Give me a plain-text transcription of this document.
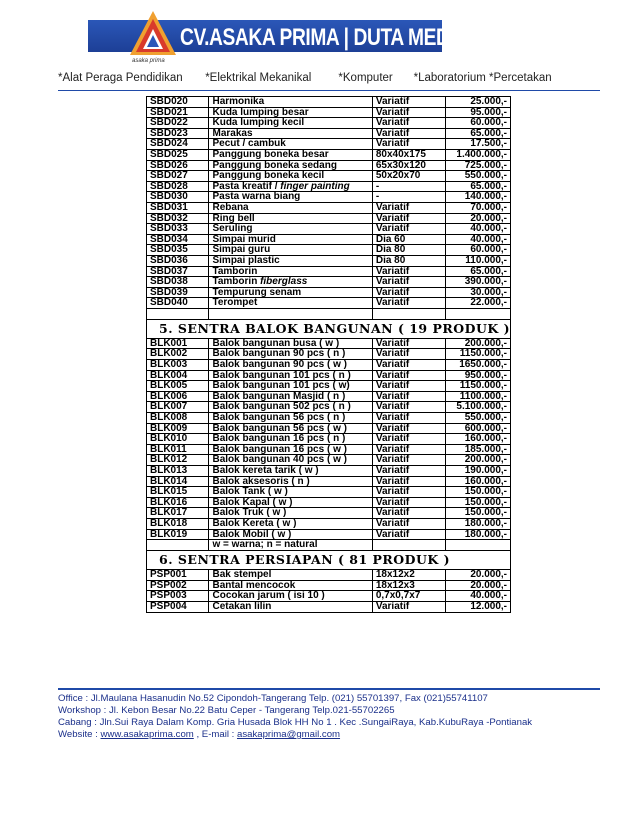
asaka prima
CV.ASAKA PRIMA | DUTA MEDIA GROUP
*Alat Peraga Pendidikan *Elektrikal Mekanikal *Komputer *Laboratorium *Percetakan
SBD020	Harmonika	Variatif	25.000,-
SBD021	Kuda lumping besar	Variatif	95.000,-
SBD022	Kuda lumping kecil	Variatif	60.000,-
SBD023	Marakas	Variatif	65.000,-
SBD024	Pecut / cambuk	Variatif	17.500,-
SBD025	Panggung boneka besar	80x40x175	1.400.000,-
SBD026	Panggung boneka sedang	65x30x120	725.000,-
SBD027	Panggung boneka kecil	50x20x70	550.000,-
SBD028	Pasta kreatif / finger painting	-	65.000,-
SBD030	Pasta warna biang	-	140.000,-
SBD031	Rebana	Variatif	70.000,-
SBD032	Ring bell	Variatif	20.000,-
SBD033	Seruling	Variatif	40.000,-
SBD034	Simpai murid	Dia 60	40.000,-
SBD035	Simpai guru	Dia 80	60.000,-
SBD036	Simpai plastic	Dia 80	110.000,-
SBD037	Tamborin	Variatif	65.000,-
SBD038	Tamborin fiberglass	Variatif	390.000,-
SBD039	Tempurung senam	Variatif	30.000,-
SBD040	Terompet	Variatif	22.000,-

5. SENTRA BALOK BANGUNAN ( 19 PRODUK )			
BLK001	Balok bangunan busa ( w )	Variatif	200.000,-
BLK002	Balok bangunan 90 pcs ( n )	Variatif	1150.000,-
BLK003	Balok bangunan 90 pcs ( w )	Variatif	1650.000,-
BLK004	Balok bangunan 101 pcs ( n )	Variatif	950.000,-
BLK005	Balok bangunan 101 pcs ( w)	Variatif	1150.000,-
BLK006	Balok bangunan Masjid ( n )	Variatif	1100.000,-
BLK007	Balok bangunan 502 pcs ( n )	Variatif	5.100.000,-
BLK008	Balok bangunan 56 pcs ( n )	Variatif	550.000,-
BLK009	Balok bangunan 56 pcs ( w )	Variatif	600.000,-
BLK010	Balok bangunan 16 pcs ( n )	Variatif	160.000,-
BLK011	Balok bangunan 16 pcs ( w )	Variatif	185.000,-
BLK012	Balok bangunan 40 pcs ( w )	Variatif	200.000,-
BLK013	Balok kereta tarik ( w )	Variatif	190.000,-
BLK014	Balok aksesoris ( n )	Variatif	160.000,-
BLK015	Balok Tank ( w )	Variatif	150.000,-
BLK016	Balok Kapal ( w )	Variatif	150.000,-
BLK017	Balok Truk ( w )	Variatif	150.000,-
BLK018	Balok Kereta ( w )	Variatif	180.000,-
BLK019	Balok Mobil ( w )	Variatif	180.000,-
	w = warna; n = natural		
6. SENTRA PERSIAPAN ( 81 PRODUK )			
PSP001	Bak stempel	18x12x2	20.000,-
PSP002	Bantal mencocok	18x12x3	20.000,-
PSP003	Cocokan jarum ( isi 10 )	0,7x0,7x7	40.000,-
PSP004	Cetakan lilin	Variatif	12.000,-
Office : Jl.Maulana Hasanudin No.52 Cipondoh-Tangerang Telp. (021) 55701397, Fax (021)55741107
Workshop : Jl. Kebon Besar No.22 Batu Ceper - Tangerang Telp.021-55702265
Cabang : Jln.Sui Raya Dalam Komp. Gria Husada Blok HH No 1 . Kec .SungaiRaya, Kab.KubuRaya -Pontianak
Website : www.asakaprima.com , E-mail : asakaprima@gmail.com
